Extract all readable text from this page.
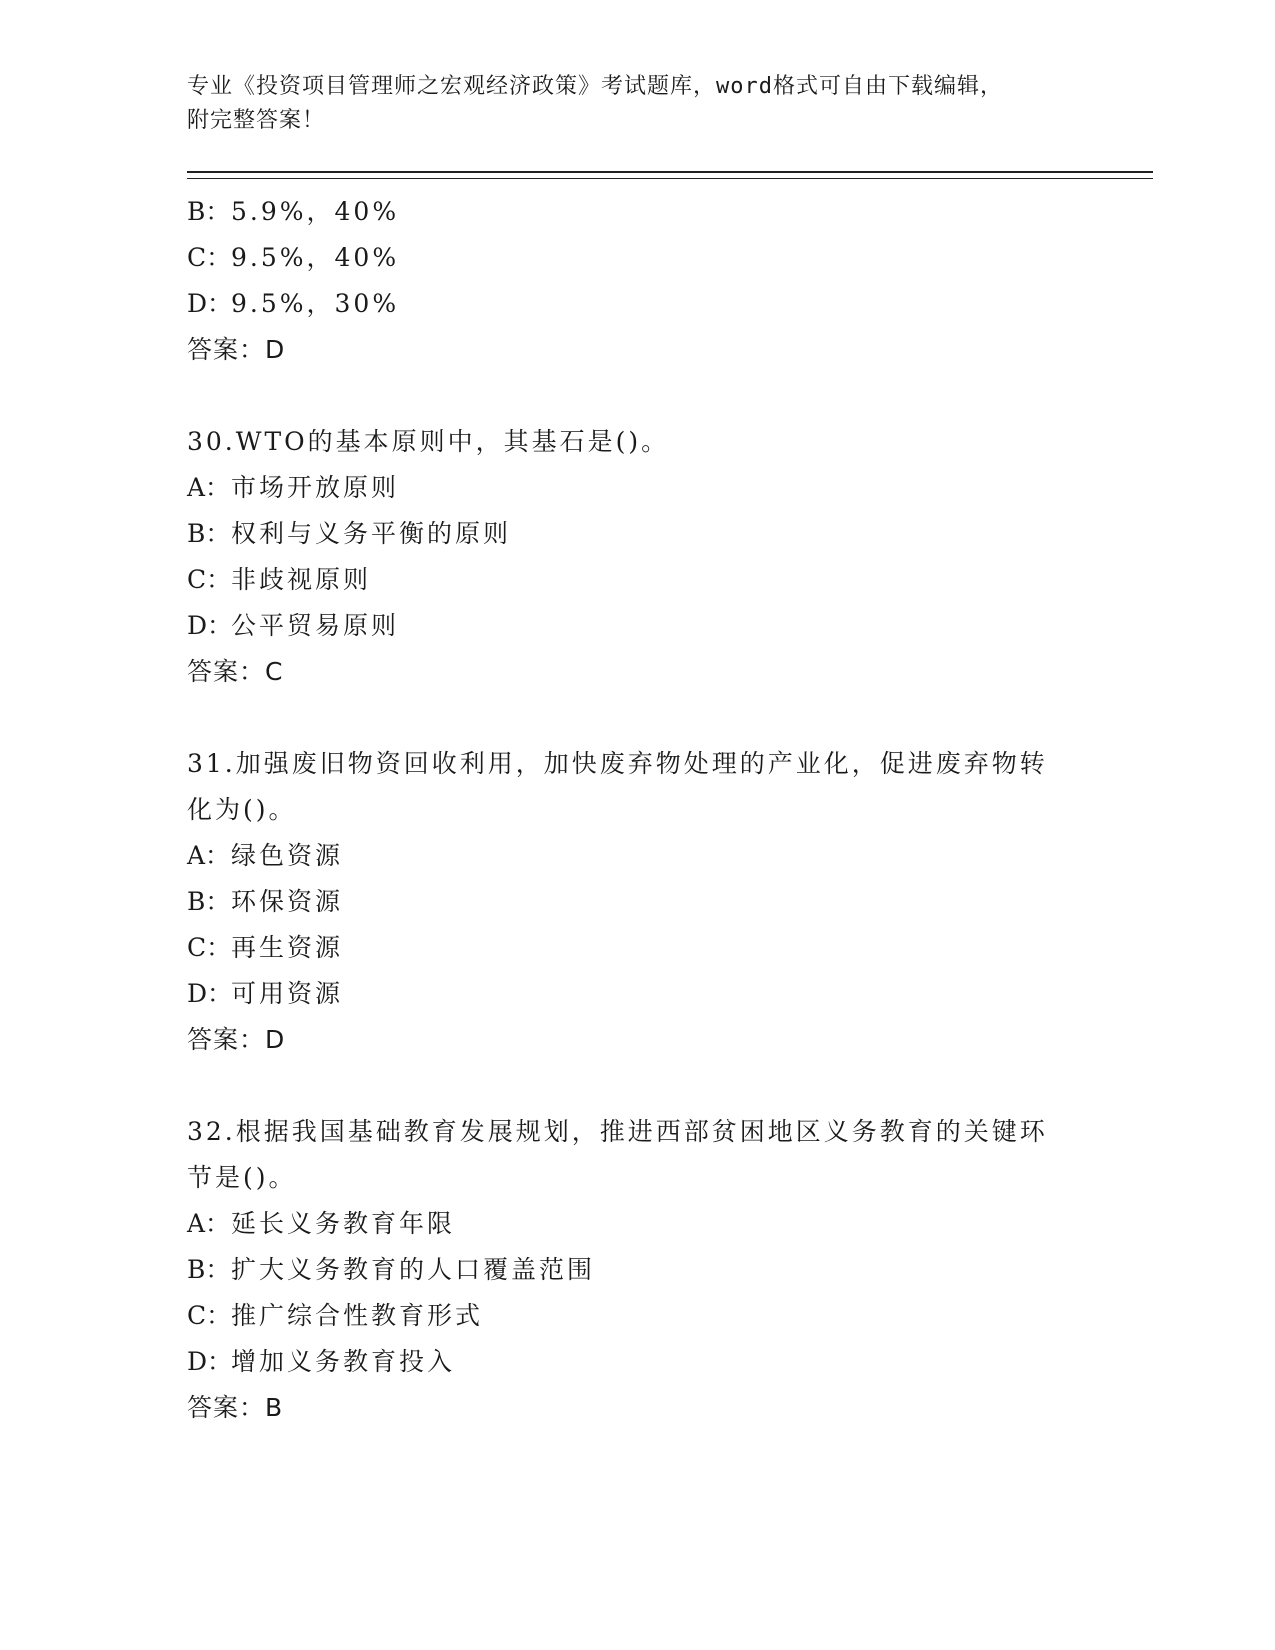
专业《投资项目管理师之宏观经济政策》考试题库，word格式可自由下载编辑，
附完整答案！
B：5.9%，40%
C：9.5%，40%
D：9.5%，30%
答案：D
30.WTO的基本原则中，其基石是()。
A：市场开放原则
B：权利与义务平衡的原则
C：非歧视原则
D：公平贸易原则
答案：C
31.加强废旧物资回收利用，加快废弃物处理的产业化，促进废弃物转
化为()。
A：绿色资源
B：环保资源
C：再生资源
D：可用资源
答案：D
32.根据我国基础教育发展规划，推进西部贫困地区义务教育的关键环
节是()。
A：延长义务教育年限
B：扩大义务教育的人口覆盖范围
C：推广综合性教育形式
D：增加义务教育投入
答案：B
